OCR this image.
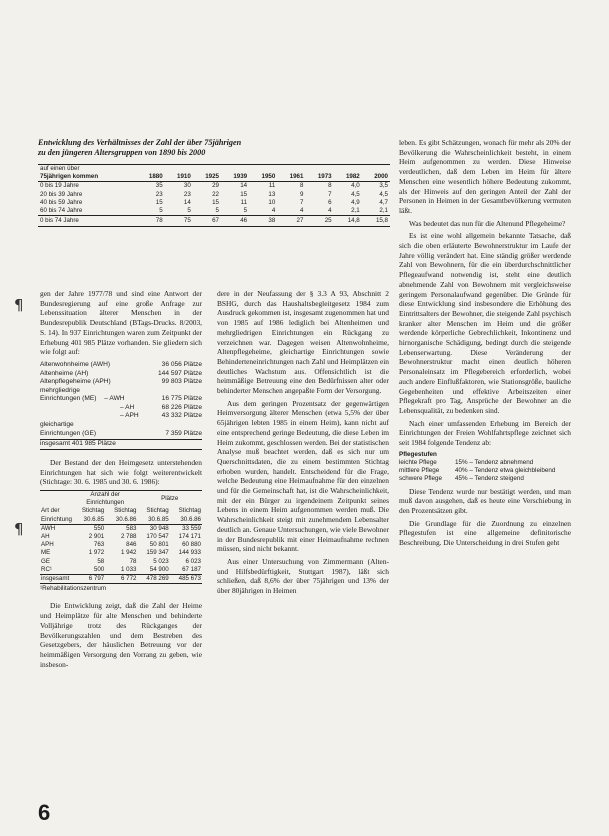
Entwicklung des Verhältnisses der Zahl der über 75jährigen
zu den jüngeren Altersgruppen von 1890 bis 2000
auf einen über									
75jährigen kommen	1880	1910	1925	1939	1950	1961	1973	1982	2000
0 bis 19 Jahre	35	30	29	14	11	8	8	4,0	3,5
20 bis 39 Jahre	23	23	22	15	13	9	7	4,5	4,5
40 bis 59 Jahre	15	14	15	11	10	7	6	4,9	4,7
60 bis 74 Jahre	5	5	5	5	4	4	4	2,1	2,1
0 bis 74 Jahre	78	75	67	46	38	27	25	14,8	15,8

gen der Jahre 1977/78 und sind eine Antwort der Bundesregierung auf eine große Anfrage zur Lebenssituation älterer Menschen in der Bundesrepublik Deutschland (BTags-Drucks. 8/2003, S. 14). In 937 Einrichtungen waren zum Zeitpunkt der Erhebung 401 985 Plätze vorhanden. Sie gliedern sich wie folgt auf:

Altenwohnheime (AWH)	36 056 Plätze
Altenheime (AH)	144 597 Plätze
Altenpflegeheime (APH)	99 803 Plätze
mehrgliedrige
Einrichtungen (ME) – AWH	16 775 Plätze
– AH	68 226 Plätze
– APH	43 332 Plätze
gleichartige
Einrichtungen (GE)	7 359 Plätze
insgesamt 401 985 Plätze

Der Bestand der den Heimgesetz unterstehenden Einrichtungen hat sich wie folgt weiterentwickelt (Stichtage: 30. 6. 1985 und 30. 6. 1986):

	Anzahl der Einrichtungen		Plätze	
Art der Einrichtung	Stichtag 30.6.85	Stichtag 30.6.86	Stichtag 30.6.85	Stichtag 30.6.86
AWH	550	583	30 948	33 559
AH	2 901	2 788	170 547	174 171
APH	763	846	50 801	60 880
ME	1 972	1 942	159 347	144 933
GE	58	78	5 023	6 023
RC¹	500	1 033	54 900	67 187
insgesamt	6 797	6 772	478 269	485 673
¹Rehabilitationszentrum

Die Entwicklung zeigt, daß die Zahl der Heime und Heimplätze für alte Menschen und behinderte Volljährige trotz des Rückganges der Bevölkerungszahlen und dem Bestreben des Gesetzgebers, der häuslichen Betreuung vor der heimmäßigen Versorgung den Vorrang zu geben, wie insbeson-

dere in der Neufassung der § 3.3 A 93, Abschnitt 2 BSHG, durch das Haushaltsbegleitgesetz 1984 zum Ausdruck gekommen ist, insgesamt zugenommen hat und von 1985 auf 1986 lediglich bei Altenheimen und mehrgliedrigen Einrichtungen ein Rückgang zu verzeichnen war. Dagegen weisen Altenwohnheime, Altenpflegeheime, gleichartige Einrichtungen sowie Behinderteneinrichtungen nach Zahl und Heimplätzen ein deutliches Wachstum aus. Offensichtlich ist die heimmäßige Betreuung eine den Bedürfnissen alter oder behinderter Menschen angepaßte Form der Versorgung.

Aus dem geringen Prozentsatz der gegenwärtigen Heimversorgung älterer Menschen (etwa 5,5% der über 65jährigen lebten 1985 in einem Heim), kann nicht auf eine entsprechend geringe Bedeutung, die diese Leben im Heim zukommt, geschlossen werden. Bei der statistischen Analyse muß beachtet werden, daß es sich nur um Querschnittsdaten, die zu einem bestimmten Stichtag erhoben wurden, handelt. Entscheidend für die Frage, welche Bedeutung eine Heimaufnahme für den einzelnen und für die Gemeinschaft hat, ist die Wahrscheinlichkeit, mit der ein Bürger zu irgendeinem Zeitpunkt seines Lebens in einem Heim aufgenommen werden muß. Die Wahrscheinlichkeit steigt mit zunehmendem Lebensalter deutlich an. Genaue Untersuchungen, wie viele Bewohner in der Bundesrepublik mit einer Heimaufnahme rechnen müssen, sind nicht bekannt.

Aus einer Untersuchung von Zimmermann (Alten- und Hilfsbedürftigkeit, Stuttgart 1987), läßt sich schließen, daß 8,6% der über 75jährigen und 13% der über 80jährigen in Heimen

leben. Es gibt Schätzungen, wonach für mehr als 20% der Bevölkerung die Wahrscheinlichkeit besteht, in einem Heim aufgenommen zu werden. Diese Hinweise verdeutlichen, daß dem Leben im Heim für ältere Menschen eine wesentlich höhere Bedeutung zukommt, als der Hinweis auf den geringen Anteil der Zahl der Personen in Heimen in der Gesamtbevölkerung vermuten läßt.

Was bedeutet das nun für die Altenund Pflegeheime?

Es ist eine wohl allgemein bekannte Tatsache, daß sich die oben erläuterte Bewohnerstruktur im Laufe der Jahre völlig verändert hat. Eine ständig größer werdende Zahl von Bewohnern, für die ein überdurchschnittlicher Pflegeaufwand notwendig ist, steht eine deutlich abnehmende Zahl von Bewohnern mit vergleichsweise geringem Personalaufwand gegenüber. Die Gründe für diese Entwicklung sind insbesondere die Erhöhung des Eintrittsalters der Bewohner, die steigende Zahl psychisch kranker alter Menschen im Heim und die größer werdende körperliche Gebrechlichkeit, Inkontinenz und hirnorganische Schädigung, bedingt durch die steigende Lebenserwartung. Diese Veränderung der Bewohnerstruktur macht einen deutlich höheren Personaleinsatz im Pflegebereich erforderlich, wobei auch andere Einflußfaktoren, wie Stationsgröße, bauliche Gegebenheiten und effektive Arbeitszeiten einer Pflegekraft pro Tag, Ansprüche der Bewohner an die Lebensqualität, zu bedenken sind.

Nach einer umfassenden Erhebung im Bereich der Einrichtungen der Freien Wohlfahrtspflege zeichnet sich seit 1984 folgende Tendenz ab:

Pflegestufen
leichte Pflege	15% – Tendenz abnehmend
mittlere Pflege	40% – Tendenz etwa gleichbleibend
schwere Pflege	45% – Tendenz steigend

Diese Tendenz wurde nur bestätigt werden, und man muß davon ausgehen, daß es heute eine Verschiebung in den Prozentsätzen gibt.

Die Grundlage für die Zuordnung zu einzelnen Pflegestufen ist eine allgemeine definitorische Beschreibung. Die Unterscheidung in drei Stufen geht

¶
¶
6
